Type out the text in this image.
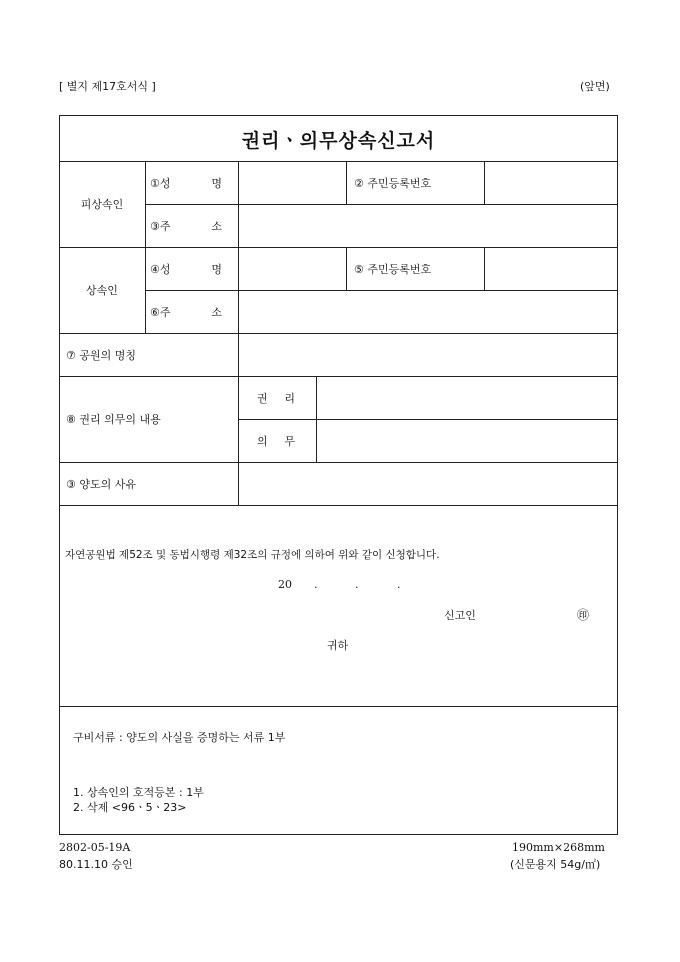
[ 별지 제17호서식 ]	(앞면)
권리ㆍ의무상속신고서
피상속인
①성	명	② 주민등록번호
③주	소
상속인
④성	명	⑤ 주민등록번호
⑥주	소
⑦ 공원의 명칭
⑧ 권리 의무의 내용
권 리
의 무
③ 양도의 사유
자연공원법 제52조 및 동법시행령 제32조의 규정에 의하여 위와 같이 신청합니다.
20 .	.	.
신고인	㊞
귀하
구비서류 : 양도의 사실을 증명하는 서류 1부
1. 상속인의 호적등본 : 1부
2. 삭제 <96ㆍ5ㆍ23>
2802-05-19A
80.11.10 승인
190mm×268mm
(신문용지 54g/㎡)
